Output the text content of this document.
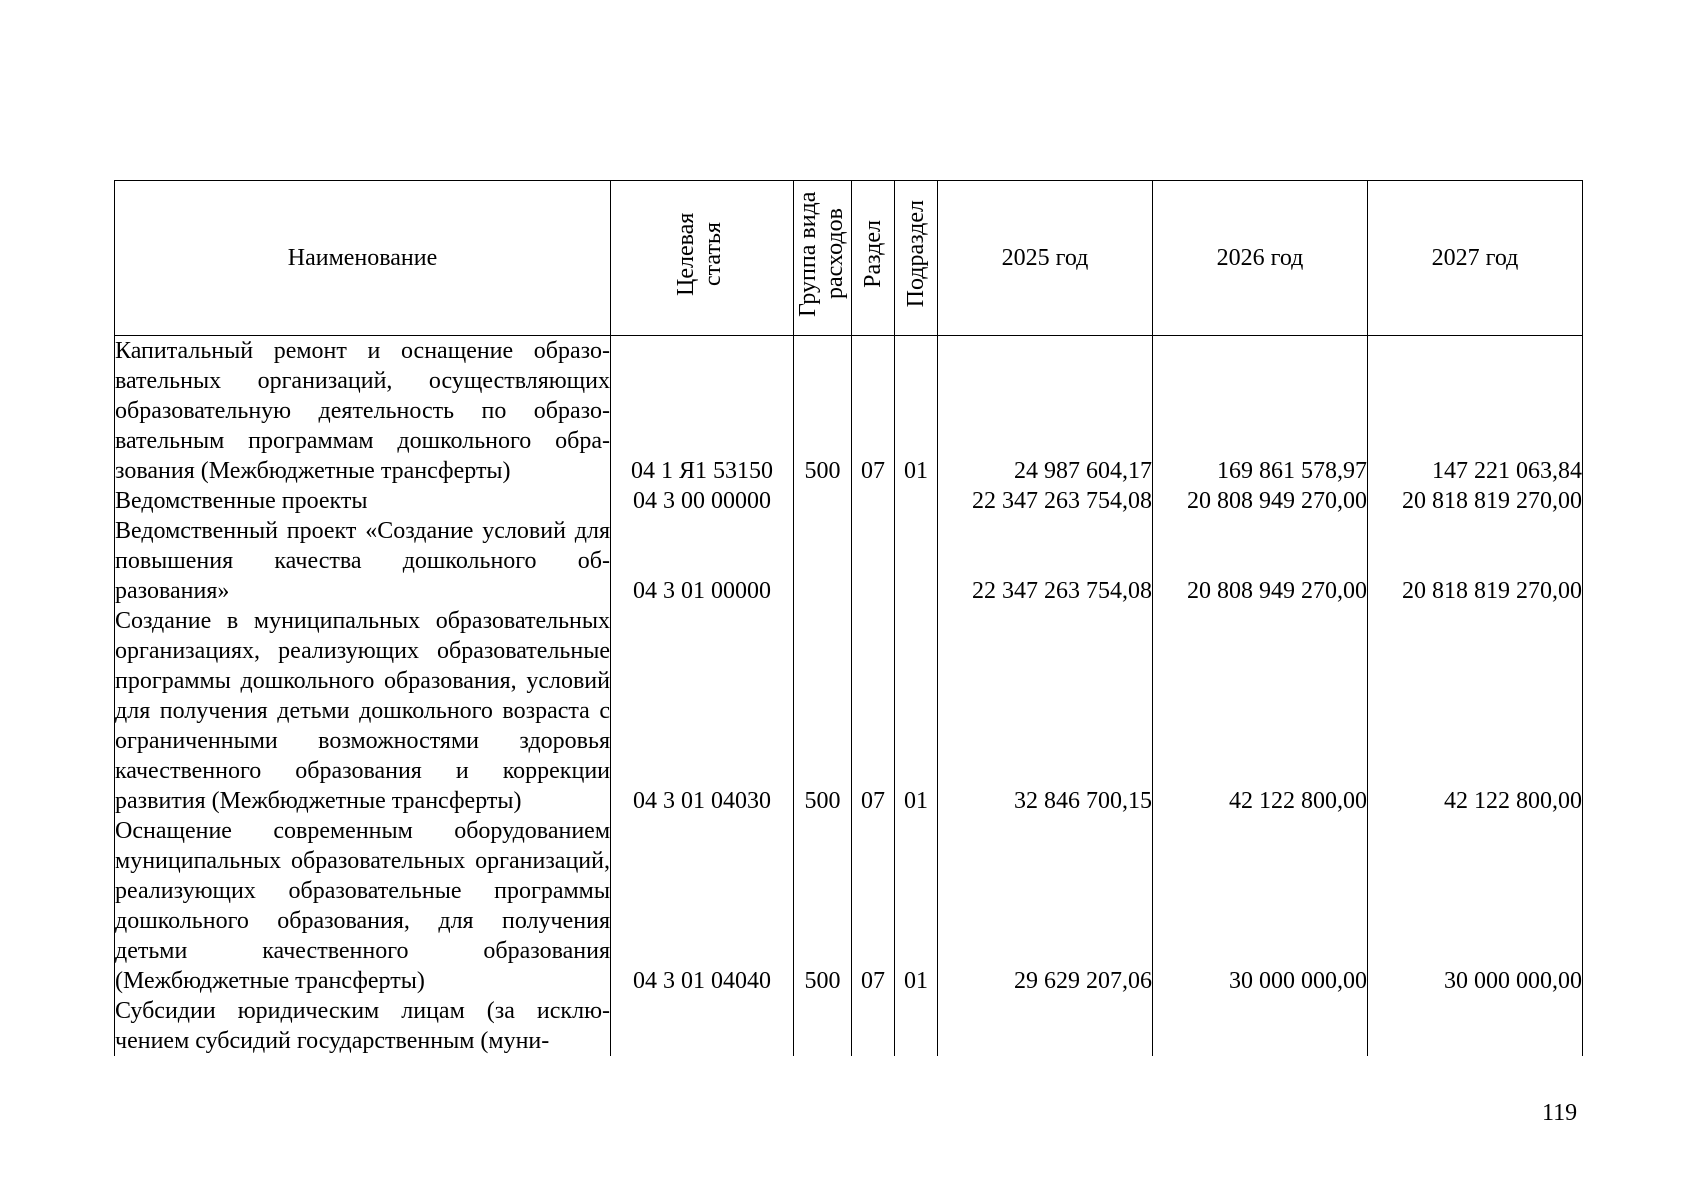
Наименование	Целевая статья	Группа вида расходов	Раздел	Подраздел	2025 год	2026 год	2027 год
Капитальный ремонт и оснащение образовательных организаций, осуществляющих образовательную деятельность по образовательным программам дошкольного образования (Межбюджетные трансферты)	04 1 Я1 53150	500	07	01	24 987 604,17	169 861 578,97	147 221 063,84
Ведомственные проекты	04 3 00 00000				22 347 263 754,08	20 808 949 270,00	20 818 819 270,00
Ведомственный проект «Создание условий для повышения качества дошкольного образования»	04 3 01 00000				22 347 263 754,08	20 808 949 270,00	20 818 819 270,00
Создание в муниципальных образовательных организациях, реализующих образовательные программы дошкольного образования, условий для получения детьми дошкольного возраста с ограниченными возможностями здоровья качественного образования и коррекции развития (Межбюджетные трансферты)	04 3 01 04030	500	07	01	32 846 700,15	42 122 800,00	42 122 800,00
Оснащение современным оборудованием муниципальных образовательных организаций, реализующих образовательные программы дошкольного образования, для получения детьми качественного образования (Межбюджетные трансферты)	04 3 01 04040	500	07	01	29 629 207,06	30 000 000,00	30 000 000,00
Субсидии юридическим лицам (за исключением субсидий государственным (муни-							
119
